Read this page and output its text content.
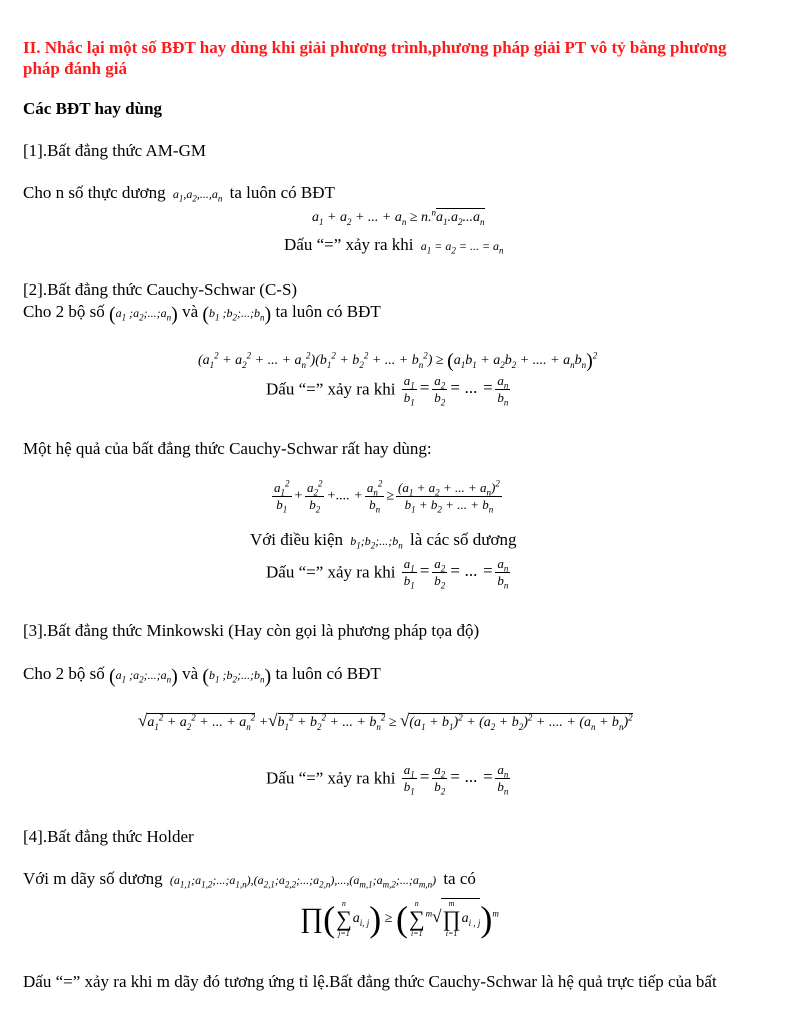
II. Nhắc lại một số BĐT hay dùng khi giải phương trình,phương pháp giải PT vô tỷ bằng phương
pháp đánh giá
Các BĐT hay dùng
[1].Bất đẳng thức AM-GM
Cho n số thực dương  $a_1,a_2,...,a_n$ ta luôn có BĐT
$a_1 + a_2$ + ... + $a_n \ge n.^na_1.a_2...a_n$
Dấu “=” xảy ra khi  $a_1 = a_2$ = ... = $a_n$
[2].Bất đẳng thức Cauchy-Schwar (C-S)
Cho 2 bộ số ($a_1$ $;a_2;...;a_n$) và ($b_1$ $;b_2;...;b_n$) ta luôn có BĐT
($a_1^2 + a_2^2$ + ... + $a_n^2)(b_1^2 + b_2^2$ + ... + $b_n^2) \ge (a_1b_1 + a_2b_2$ + .... + $a_nb_n)^2$
Dấu “=” xảy ra khi $\frac{a_1}{b_1} = \frac{a_2}{b_2}$ = ... = $\frac{a_n}{b_n}$
Một hệ quả của bất đẳng thức Cauchy-Schwar rất hay dùng:
$\frac{a_1^2}{b_1} + \frac{a_2^2}{b_2}$ +.... + $\frac{a_n^2}{b_n} \ge \frac{(a_1 + a_2 + ... + a_n)^2}{b_1 + b_2 + ... + b_n}$
Với điều kiện  $b_1;b_2;...;b_n$ là các số dương
Dấu “=” xảy ra khi $\frac{a_1}{b_1} = \frac{a_2}{b_2}$ = ... = $\frac{a_n}{b_n}$
[3].Bất đẳng thức Minkowski (Hay còn gọi là phương pháp tọa độ)
Cho 2 bộ số ($a_1$ $;a_2;...;a_n$) và ($b_1$ $;b_2;...;b_n$) ta luôn có BĐT
$√a_1^2 + a_2^2$ + ... + $a_n^2 +√b_1^2 + b_2^2$ + ... + $b_n^2 \ge √(a_1 + b_1)^2 + (a_2 + b_2)^2$ + .... + $(a_n + b_n)^2$
Dấu “=” xảy ra khi $\frac{a_1}{b_1} = \frac{a_2}{b_2}$ = ... = $\frac{a_n}{b_n}$
[4].Bất đẳng thức Holder
Với m dãy số dương  $(a_{1,1};a_{1,2};...;a_{1,n}),(a_{2,1};a_{2,2};...;a_{2,n}),...,(a_{m,1};a_{m,2};...;a_{m,n})$  ta có
∏( n
∑
j=1
$a_{i, j}$) ≥ ( n
∑
i=1
$^m$√
m
∏
i=1
$a_{i , j})^m$
Dấu “=” xảy ra khi m dãy đó tương ứng tỉ lệ.Bất đẳng thức Cauchy-Schwar là hệ quả trực tiếp của bất
